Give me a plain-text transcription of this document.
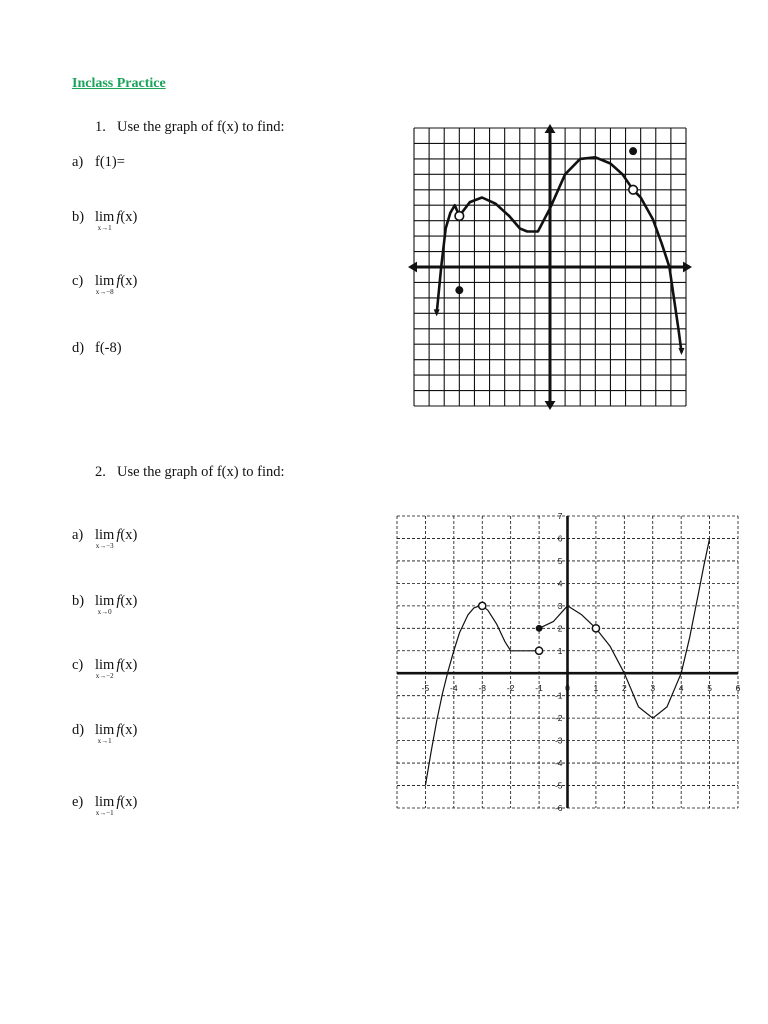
Inclass Practice
1. Use the graph of f(x) to find:
a) f(1)=
b) lim
x→1
f(x)
c) lim
x→−8
f(x)
d) f(-8)
2. Use the graph of f(x) to find:
a) lim
x→−3
f(x)
b) lim
x→0
f(x)
c) lim
x→−2
f(x)
d) lim
x→1
f(x)
e) lim
x→−1
f(x)
-5 -4 -3 -2 -1	0	1	2	3	4	5	6
7
6
5
4
3
2
1
-1
-2
-3
-4
-5
-6
